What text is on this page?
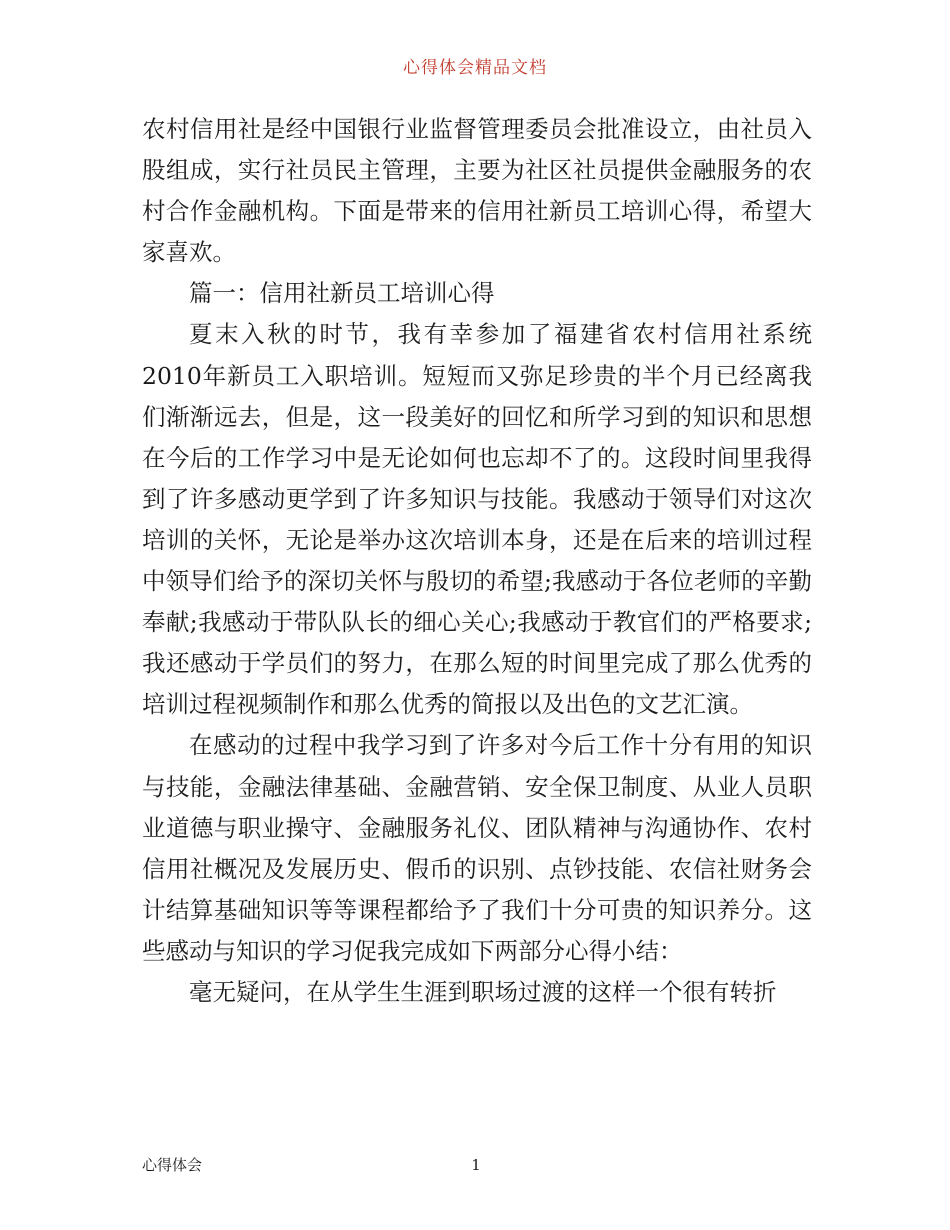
心得体会精品文档

农村信用社是经中国银行业监督管理委员会批准设立，由社员入股组成，实行社员民主管理，主要为社区社员提供金融服务的农村合作金融机构。下面是带来的信用社新员工培训心得，希望大家喜欢。

篇一：信用社新员工培训心得

夏末入秋的时节，我有幸参加了福建省农村信用社系统2010年新员工入职培训。短短而又弥足珍贵的半个月已经离我们渐渐远去，但是，这一段美好的回忆和所学习到的知识和思想在今后的工作学习中是无论如何也忘却不了的。这段时间里我得到了许多感动更学到了许多知识与技能。我感动于领导们对这次培训的关怀，无论是举办这次培训本身，还是在后来的培训过程中领导们给予的深切关怀与殷切的希望;我感动于各位老师的辛勤奉献;我感动于带队队长的细心关心;我感动于教官们的严格要求;我还感动于学员们的努力，在那么短的时间里完成了那么优秀的培训过程视频制作和那么优秀的简报以及出色的文艺汇演。

在感动的过程中我学习到了许多对今后工作十分有用的知识与技能，金融法律基础、金融营销、安全保卫制度、从业人员职业道德与职业操守、金融服务礼仪、团队精神与沟通协作、农村信用社概况及发展历史、假币的识别、点钞技能、农信社财务会计结算基础知识等等课程都给予了我们十分可贵的知识养分。这些感动与知识的学习促我完成如下两部分心得小结：

毫无疑问，在从学生生涯到职场过渡的这样一个很有转折

心得体会	1
